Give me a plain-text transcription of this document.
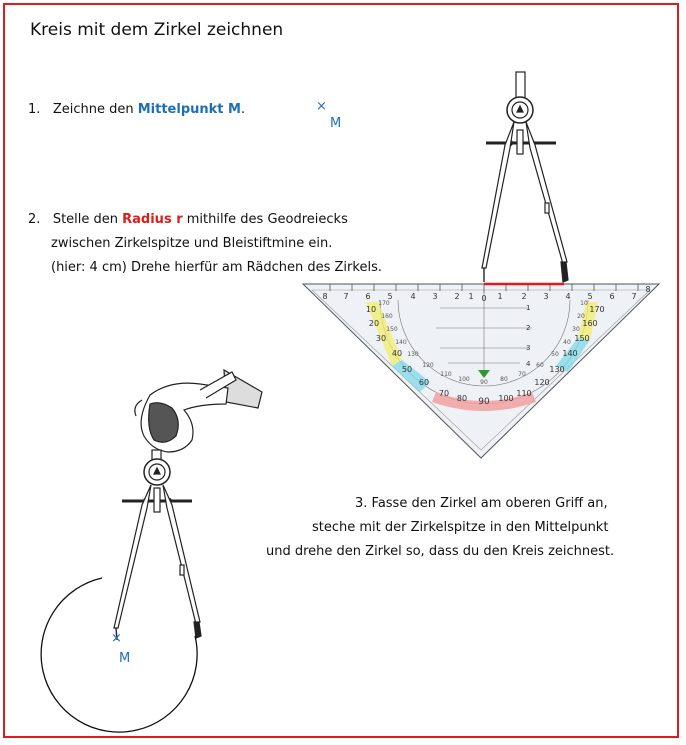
Kreis mit dem Zirkel zeichnen
1. Zeichne den Mittelpunkt M.	×
M
2. Stelle den Radius r mithilfe des Geodreiecks
zwischen Zirkelspitze und Bleistiftmine ein.
(hier: 4 cm) Drehe hierfür am Rädchen des Zirkels.
3. Fasse den Zirkel am oberen Griff an,
steche mit der Zirkelspitze in den Mittelpunkt
und drehe den Zirkel so, dass du den Kreis zeichnest.
8 7 6 5 4 3 2 1 0 1 2 3 4 5 6 7
8
1
2
3
4
10
20
30
40
50
60
70
80 90 100
110
120
130
140
150
160
170
170
160
150
140
130
120
110
100 90 80
70
60
50
40
30
20
10
×
M
